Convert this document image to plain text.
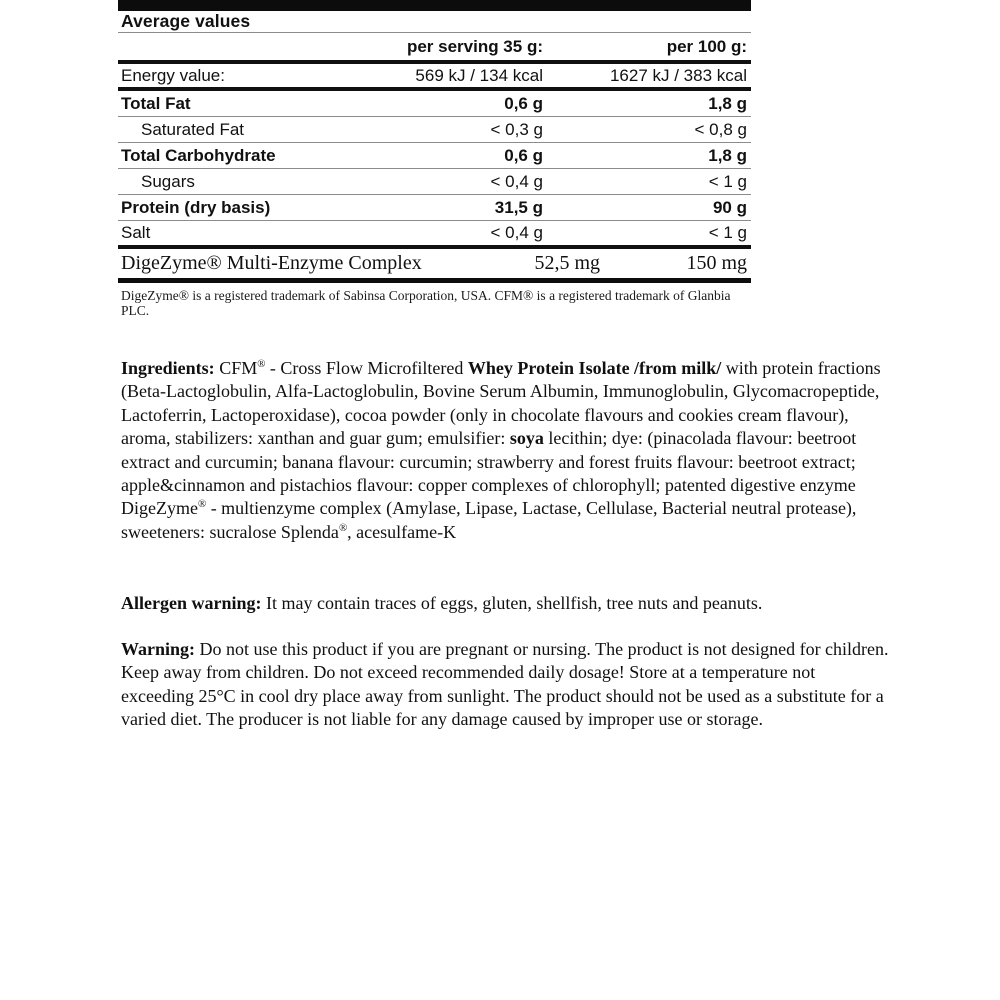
Average values
per serving 35 g:	per 100 g:
Energy value:	569 kJ / 134 kcal	1627 kJ / 383 kcal
Total Fat	0,6 g	1,8 g
Saturated Fat	< 0,3 g	< 0,8 g
Total Carbohydrate	0,6 g	1,8 g
Sugars	< 0,4 g	< 1 g
Protein (dry basis)	31,5 g	90 g
Salt	< 0,4 g	< 1 g
DigeZyme® Multi-Enzyme Complex	52,5 mg	150 mg
DigeZyme® is a registered trademark of Sabinsa Corporation, USA. CFM® is a registered trademark of Glanbia PLC.

Ingredients: CFM® - Cross Flow Microfiltered Whey Protein Isolate /from milk/ with protein fractions (Beta-Lactoglobulin, Alfa-Lactoglobulin, Bovine Serum Albumin, Immunoglobulin, Glycomacropeptide, Lactoferrin, Lactoperoxidase), cocoa powder (only in chocolate flavours and cookies cream flavour), aroma, stabilizers: xanthan and guar gum; emulsifier: soya lecithin; dye: (pinacolada flavour: beetroot extract and curcumin; banana flavour: curcumin; strawberry and forest fruits flavour: beetroot extract; apple&cinnamon and pistachios flavour: copper complexes of chlorophyll; patented digestive enzyme DigeZyme® - multienzyme complex (Amylase, Lipase, Lactase, Cellulase, Bacterial neutral protease), sweeteners: sucralose Splenda®, acesulfame-K

Allergen warning: It may contain traces of eggs, gluten, shellfish, tree nuts and peanuts.

Warning: Do not use this product if you are pregnant or nursing. The product is not designed for children. Keep away from children. Do not exceed recommended daily dosage! Store at a temperature not exceeding 25°C in cool dry place away from sunlight. The product should not be used as a substitute for a varied diet. The producer is not liable for any damage caused by improper use or storage.
